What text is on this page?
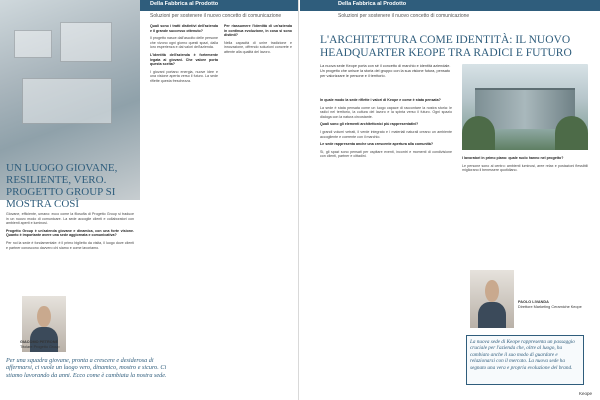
Della Fabbrica al Prodotto
Soluzioni per sostenere il nuovo concetto di comunicazione
UN LUOGO GIOVANE, RESILIENTE, VERO. PROGETTO GROUP SI MOSTRA COSÌ

Giovane, efficiente, umano: ecco come la filosofia di Progetto Group si traduce in un nuovo modo di comunicare. La sede accoglie clienti e collaboratori con ambienti aperti e luminosi.

Progetto Group è un'azienda giovane e dinamica, con una forte visione. Quanto è importante avere una sede aggiornata e comunicativa?

Per noi la sede è fondamentale: è il primo biglietto da visita, il luogo dove clienti e partner conoscono davvero chi siamo e come lavoriamo.

GIACOMO PETRONE
Titolare Progetto Group

Quali sono i tratti distintivi dell'azienda e il grande successo ottenuto?

Il progetto nasce dall'ascolto delle persone che vivono ogni giorno questi spazi, dalla loro esperienza e dai valori dell'azienda.

L'identità dell'azienda è fortemente legata ai giovani. Che valore porta questa scelta?

I giovani portano energia, nuove idee e una visione aperta verso il futuro. La sede riflette questa freschezza.

Per riassumere l'identità di un'azienda in continua evoluzione, in cosa si sono distinti?

Nella capacità di unire tradizione e innovazione, offrendo soluzioni concrete e attente alla qualità del lavoro.

Per una squadra giovane, pronta a crescere e desiderosa di affermarsi, ci vuole un luogo vero, dinamico, mostro e sicuro. Ci stiamo lavorando da anni. Ecco come è cambiata la nostra sede.
Della Fabbrica al Prodotto
Soluzioni per sostenere il nuovo concetto di comunicazione
L'ARCHITETTURA COME IDENTITÀ: IL NUOVO HEADQUARTER KEOPE TRA RADICI E FUTURO
La nuova sede Keope porta con sé il concetto di marchio e identità aziendale. Un progetto che unisce la storia del gruppo con la sua visione futura, pensato per valorizzare le persone e il territorio.

In quale modo la sede riflette i valori di Keope e come è stata pensata?

La sede è stata pensata come un luogo capace di raccontare la nostra storia: le radici nel territorio, la cultura del lavoro e la spinta verso il futuro. Ogni spazio dialoga con la natura circostante.

Quali sono gli elementi architettonici più rappresentativi?

I grandi volumi vetrati, il verde integrato e i materiali naturali creano un ambiente accogliente e coerente con il marchio.

Le sede rappresenta anche una crescente apertura alla comunità?

Sì, gli spazi sono pensati per ospitare eventi, incontri e momenti di condivisione con clienti, partner e cittadini.	I lavoratori in primo piano: quale ruolo hanno nel progetto?

Le persone sono al centro: ambienti luminosi, aree relax e postazioni flessibili migliorano il benessere quotidiano.

PAOLO LIVANDA
Direttore Marketing Ceramiche Keope
Keope
La nuova sede di Keope rappresenta un passaggio cruciale per l'azienda che, oltre al luogo, ha cambiato anche il suo modo di guardare e relazionarsi con il mercato. La nuova sede ha segnato una vera e propria evoluzione del brand.
